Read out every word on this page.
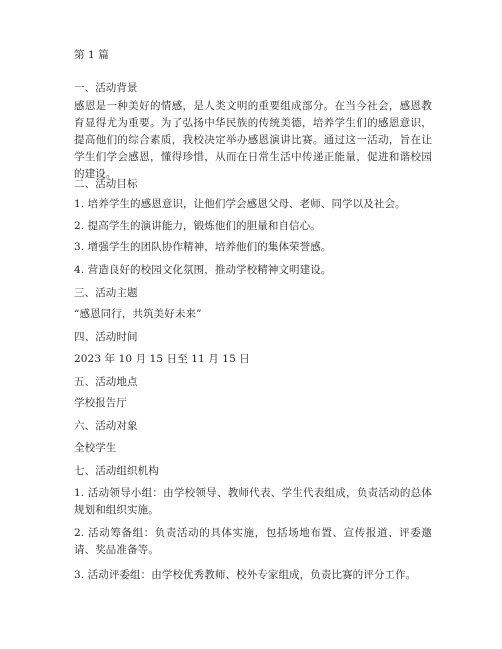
第 1 篇
一、活动背景
感恩是一种美好的情感，是人类文明的重要组成部分。在当今社会，感恩教育显得尤为重要。为了弘扬中华民族的传统美德，培养学生们的感恩意识，提高他们的综合素质，我校决定举办感恩演讲比赛。通过这一活动，旨在让学生们学会感恩，懂得珍惜，从而在日常生活中传递正能量，促进和谐校园的建设。
二、活动目标
1. 培养学生的感恩意识，让他们学会感恩父母、老师、同学以及社会。
2. 提高学生的演讲能力，锻炼他们的胆量和自信心。
3. 增强学生的团队协作精神，培养他们的集体荣誉感。
4. 营造良好的校园文化氛围，推动学校精神文明建设。
三、活动主题
“感恩同行，共筑美好未来”
四、活动时间
2023 年 10 月 15 日至 11 月 15 日
五、活动地点
学校报告厅
六、活动对象
全校学生
七、活动组织机构
1. 活动领导小组：由学校领导、教师代表、学生代表组成，负责活动的总体规划和组织实施。
2. 活动筹备组：负责活动的具体实施，包括场地布置、宣传报道、评委邀请、奖品准备等。
3. 活动评委组：由学校优秀教师、校外专家组成，负责比赛的评分工作。
